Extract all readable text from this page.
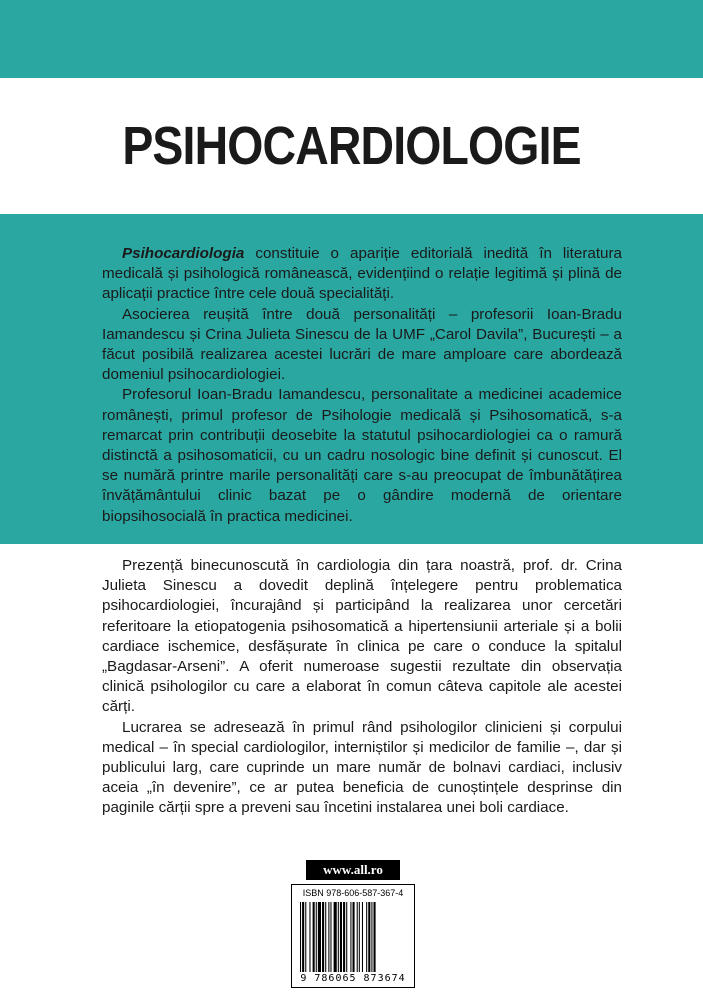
PSIHOCARDIOLOGIE

Psihocardiologia constituie o apariție editorială inedită în literatura medicală și psihologică românească, evidențiind o relație legitimă și plină de aplicații practice între cele două specialități.

Asocierea reușită între două personalități – profesorii Ioan-Bradu Iamandescu și Crina Julieta Sinescu de la UMF „Carol Davila”, București – a făcut posibilă realizarea acestei lucrări de mare amploare care abordează domeniul psihocardiologiei.

Profesorul Ioan-Bradu Iamandescu, personalitate a medicinei academice românești, primul profesor de Psihologie medicală și Psihosomatică, s-a remarcat prin contribuții deosebite la statutul psihocardiologiei ca o ramură distinctă a psihosomaticii, cu un cadru nosologic bine definit și cunoscut. El se numără printre marile personalități care s-au preocupat de îmbunătățirea învățământului clinic bazat pe o gândire modernă de orientare biopsihosocială în practica medicinei.

Prezență binecunoscută în cardiologia din țara noastră, prof. dr. Crina Julieta Sinescu a dovedit deplină înțelegere pentru problematica psihocardiologiei, încurajând și participând la realizarea unor cercetări referitoare la etiopatogenia psihosomatică a hipertensiunii arteriale și a bolii cardiace ischemice, desfășurate în clinica pe care o conduce la spitalul „Bagdasar-Arseni”. A oferit numeroase sugestii rezultate din observația clinică psihologilor cu care a elaborat în comun câteva capitole ale acestei cărți.

Lucrarea se adresează în primul rând psihologilor clinicieni și corpului medical – în special cardiologilor, interniștilor și medicilor de familie –, dar și publicului larg, care cuprinde un mare număr de bolnavi cardiaci, inclusiv aceia „în devenire”, ce ar putea beneficia de cunoștințele desprinse din paginile cărții spre a preveni sau încetini instalarea unei boli cardiace.

www.all.ro
ISBN 978-606-587-367-4
9 786065 873674
